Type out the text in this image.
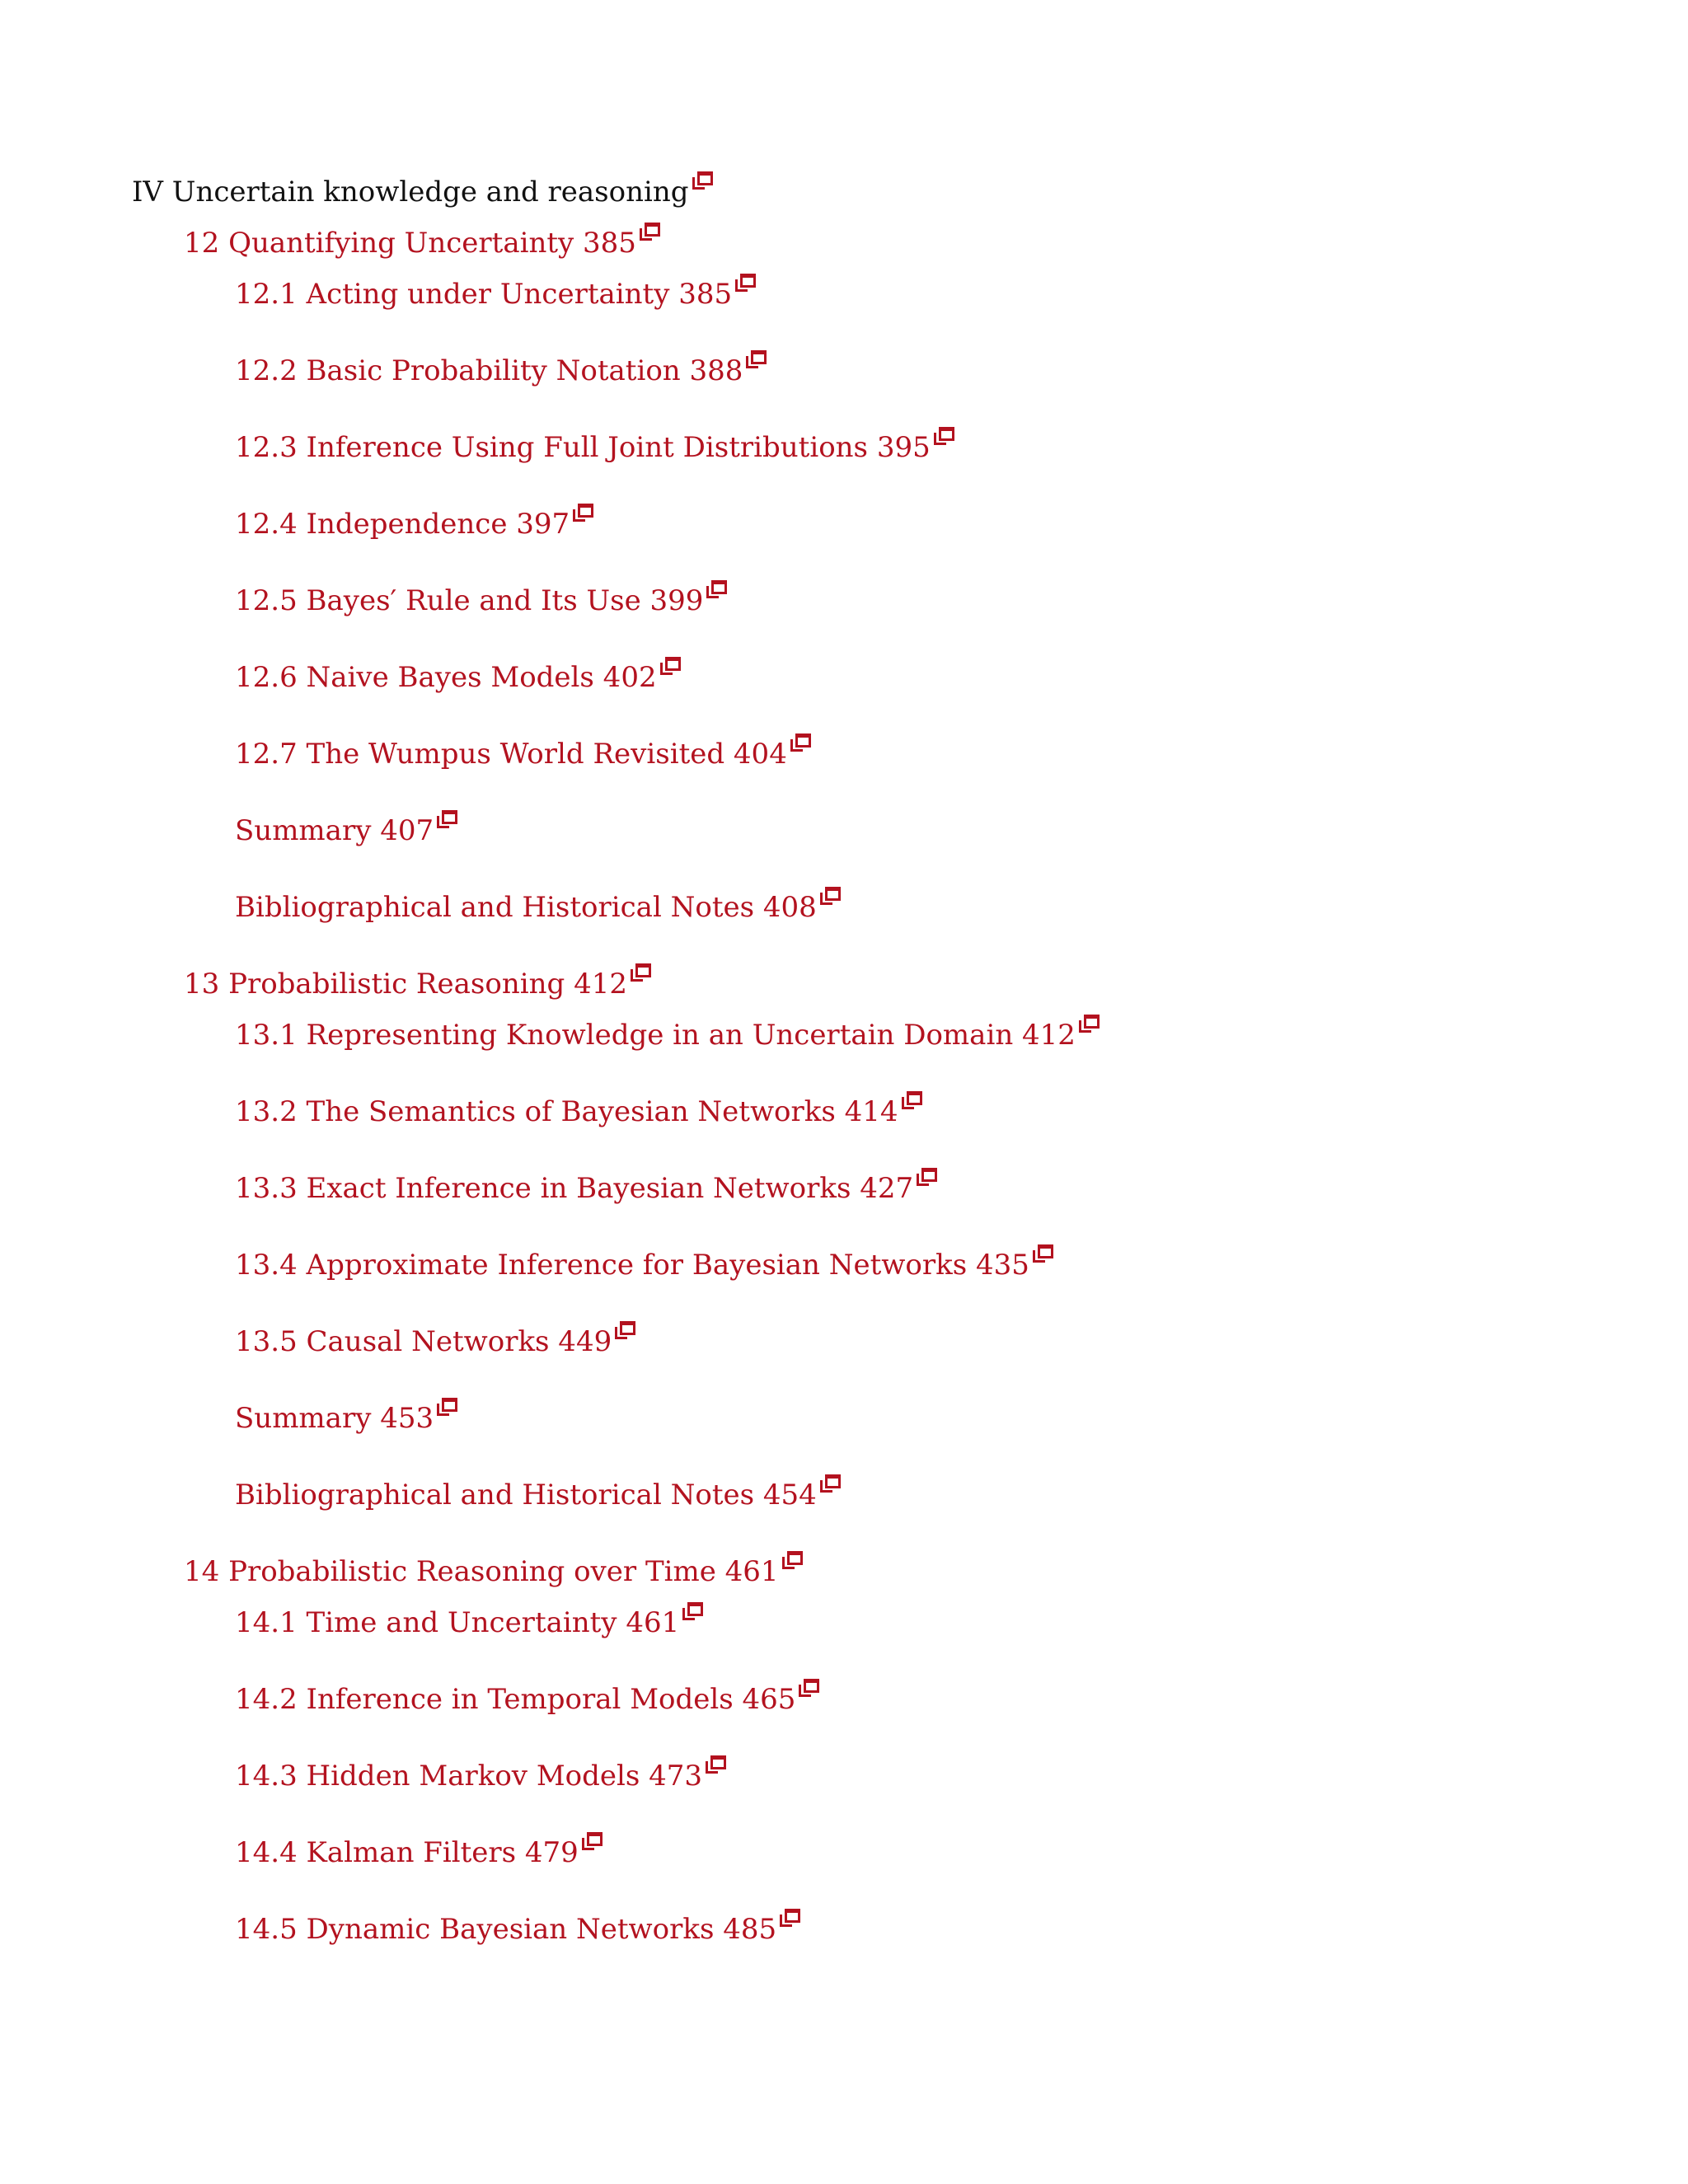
IV Uncertain knowledge and reasoning
12 Quantifying Uncertainty 385
12.1 Acting under Uncertainty 385
12.2 Basic Probability Notation 388
12.3 Inference Using Full Joint Distributions 395
12.4 Independence 397
12.5 Bayes′ Rule and Its Use 399
12.6 Naive Bayes Models 402
12.7 The Wumpus World Revisited 404
Summary 407
Bibliographical and Historical Notes 408
13 Probabilistic Reasoning 412
13.1 Representing Knowledge in an Uncertain Domain 412
13.2 The Semantics of Bayesian Networks 414
13.3 Exact Inference in Bayesian Networks 427
13.4 Approximate Inference for Bayesian Networks 435
13.5 Causal Networks 449
Summary 453
Bibliographical and Historical Notes 454
14 Probabilistic Reasoning over Time 461
14.1 Time and Uncertainty 461
14.2 Inference in Temporal Models 465
14.3 Hidden Markov Models 473
14.4 Kalman Filters 479
14.5 Dynamic Bayesian Networks 485
